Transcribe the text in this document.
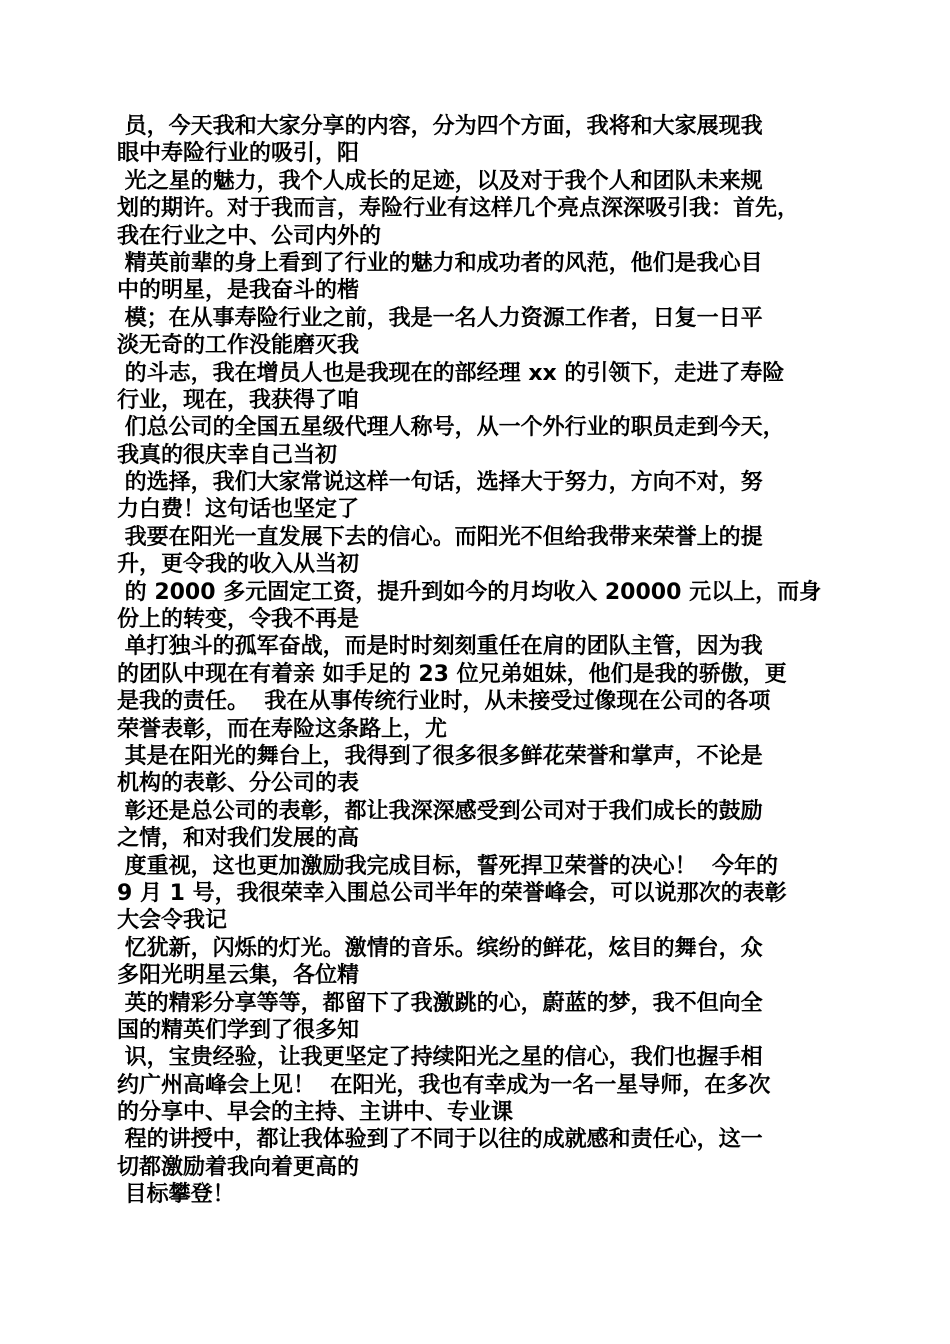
员，今天我和大家分享的内容，分为四个方面，我将和大家展现我
眼中寿险行业的吸引，阳
光之星的魅力，我个人成长的足迹，以及对于我个人和团队未来规
划的期许。对于我而言，寿险行业有这样几个亮点深深吸引我：首先，
我在行业之中、公司内外的
精英前辈的身上看到了行业的魅力和成功者的风范，他们是我心目
中的明星，是我奋斗的楷
模；在从事寿险行业之前，我是一名人力资源工作者，日复一日平
淡无奇的工作没能磨灭我
的斗志，我在增员人也是我现在的部经理 xx 的引领下，走进了寿险
行业，现在，我获得了咱
们总公司的全国五星级代理人称号，从一个外行业的职员走到今天，
我真的很庆幸自己当初
的选择，我们大家常说这样一句话，选择大于努力，方向不对，努
力白费！这句话也坚定了
我要在阳光一直发展下去的信心。而阳光不但给我带来荣誉上的提
升，更令我的收入从当初
的 2000 多元固定工资，提升到如今的月均收入 20000 元以上，而身
份上的转变，令我不再是
单打独斗的孤军奋战，而是时时刻刻重任在肩的团队主管，因为我
的团队中现在有着亲 如手足的 23 位兄弟姐妹，他们是我的骄傲，更
是我的责任。  我在从事传统行业时，从未接受过像现在公司的各项
荣誉表彰，而在寿险这条路上，尤
其是在阳光的舞台上，我得到了很多很多鲜花荣誉和掌声，不论是
机构的表彰、分公司的表
彰还是总公司的表彰，都让我深深感受到公司对于我们成长的鼓励
之情，和对我们发展的高
度重视，这也更加激励我完成目标，誓死捍卫荣誉的决心！  今年的
9 月 1 号，我很荣幸入围总公司半年的荣誉峰会，可以说那次的表彰
大会令我记
忆犹新，闪烁的灯光。激情的音乐。缤纷的鲜花，炫目的舞台，众
多阳光明星云集，各位精
英的精彩分享等等，都留下了我激跳的心，蔚蓝的梦，我不但向全
国的精英们学到了很多知
识，宝贵经验，让我更坚定了持续阳光之星的信心，我们也握手相
约广州高峰会上见！  在阳光，我也有幸成为一名一星导师，在多次
的分享中、早会的主持、主讲中、专业课
程的讲授中，都让我体验到了不同于以往的成就感和责任心，这一
切都激励着我向着更高的
目标攀登！
